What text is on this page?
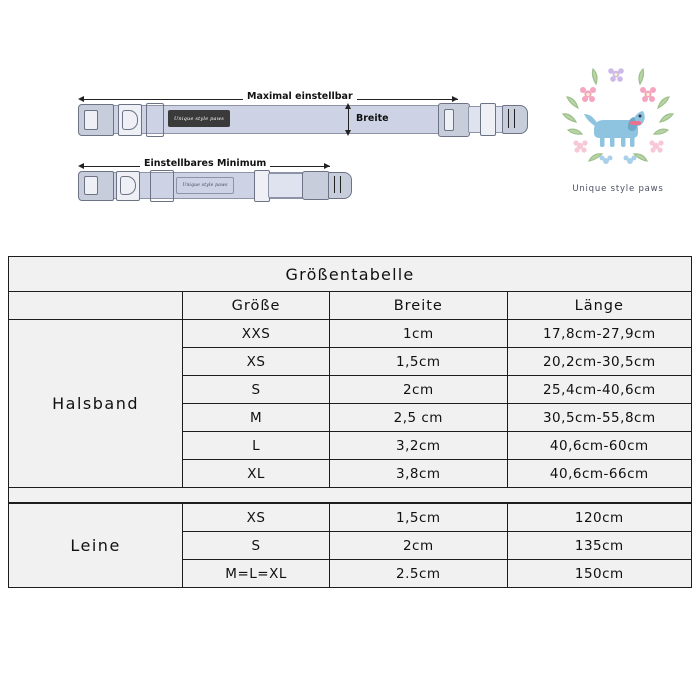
Unique style paws
Maximal einstellbar
Breite
Unique style paws
Einstellbares Minimum
Unique style paws
Größentabelle			
	Größe	Breite	Länge
Halsband	XXS	1cm	17,8cm-27,9cm
	XS	1,5cm	20,2cm-30,5cm
	S	2cm	25,4cm-40,6cm
	M	2,5 cm	30,5cm-55,8cm
	L	3,2cm	40,6cm-60cm
	XL	3,8cm	40,6cm-66cm

Leine	XS	1,5cm	120cm
	S	2cm	135cm
	M=L=XL	2.5cm	150cm
